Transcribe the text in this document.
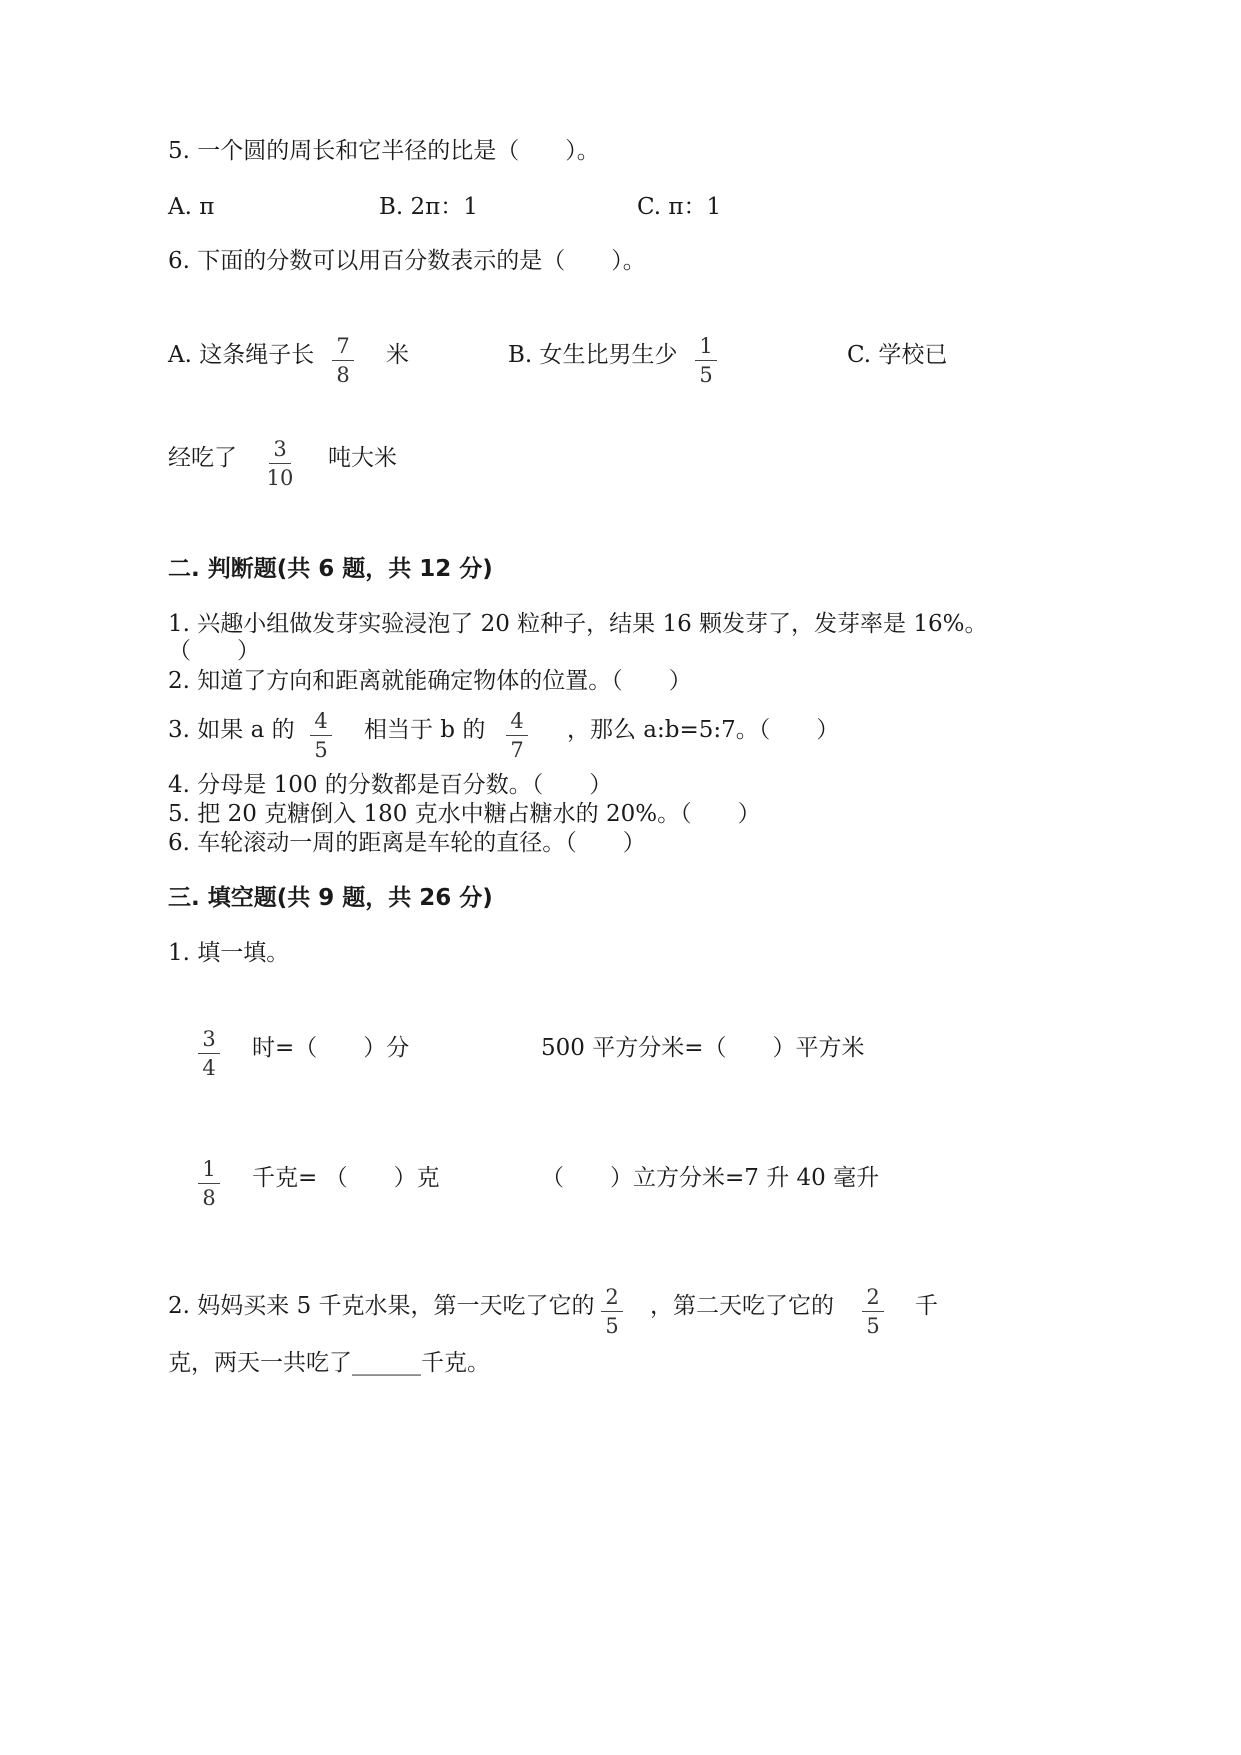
5. 一个圆的周长和它半径的比是（　　）。
A. π	B. 2π：1	C. π：1
6. 下面的分数可以用百分数表示的是（　　）。
A. 这条绳子长	7
8
米	B. 女生比男生少	1
5
C. 学校已
经吃了	3
10
吨大米
二. 判断题(共 6 题，共 12 分)
1. 兴趣小组做发芽实验浸泡了 20 粒种子，结果 16 颗发芽了，发芽率是 16%。
（　　）
2. 知道了方向和距离就能确定物体的位置。（　　）
3. 如果 a 的 4
5
相当于 b 的	4
7
，那么 a:b=5:7。（　　）
4. 分母是 100 的分数都是百分数。（　　）
5. 把 20 克糖倒入 180 克水中糖占糖水的 20%。（　　）
6. 车轮滚动一周的距离是车轮的直径。（　　）
三. 填空题(共 9 题，共 26 分)
1. 填一填。
3
4
时=（　　）分	500 平方分米=（　　）平方米
1
8
千克= （　　）克	（　　）立方分米=7 升 40 毫升
2. 妈妈买来 5 千克水果，第一天吃了它的 2
5
，第二天吃了它的	2
5
千
克，两天一共吃了______千克。
